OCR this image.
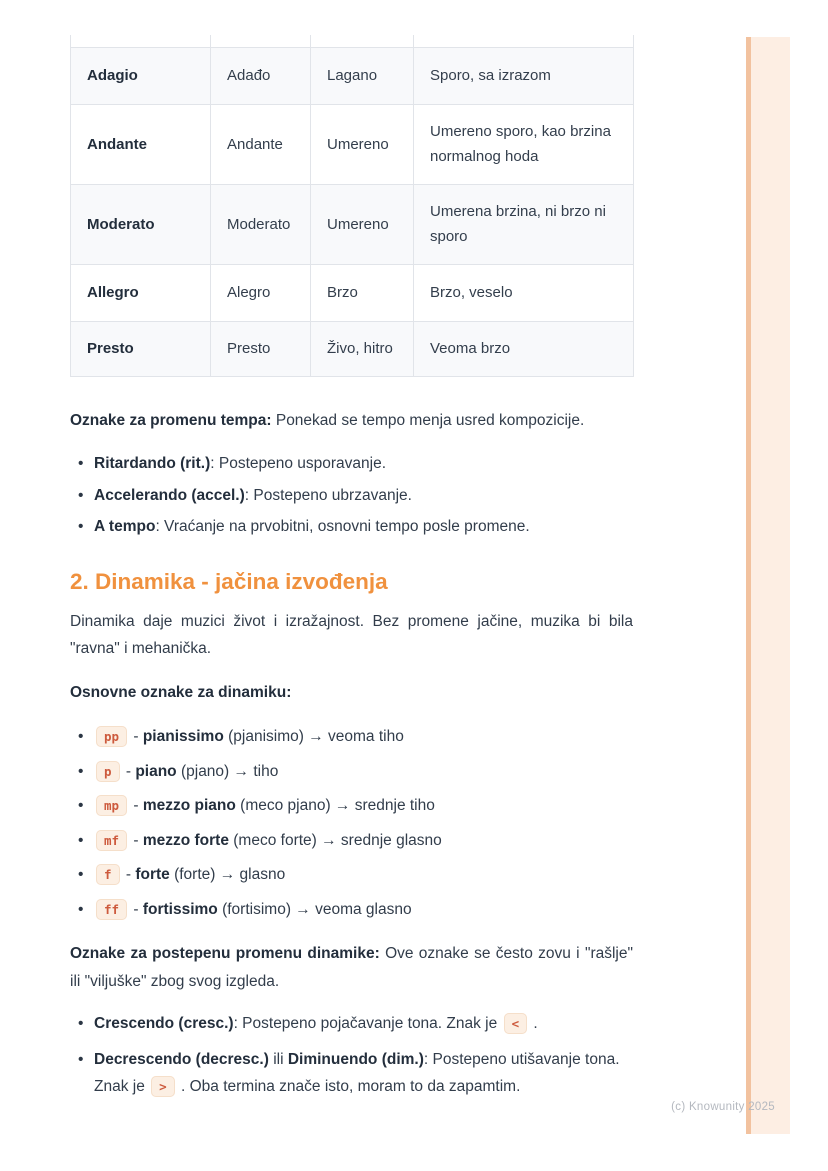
Adagio	Adađo	Lagano	Sporo, sa izrazom
Andante	Andante	Umereno	Umereno sporo, kao brzina normalnog hoda
Moderato	Moderato	Umereno	Umerena brzina, ni brzo ni sporo
Allegro	Alegro	Brzo	Brzo, veselo
Presto	Presto	Živo, hitro	Veoma brzo

Oznake za promenu tempa: Ponekad se tempo menja usred kompozicije.

• Ritardando (rit.): Postepeno usporavanje.
• Accelerando (accel.): Postepeno ubrzavanje.
• A tempo: Vraćanje na prvobitni, osnovni tempo posle promene.
2. Dinamika - jačina izvođenja

Dinamika daje muzici život i izražajnost. Bez promene jačine, muzika bi bila "ravna" i mehanička.

Osnovne oznake za dinamiku:

• pp - pianissimo (pjanisimo) → veoma tiho
• p - piano (pjano) → tiho
• mp - mezzo piano (meco pjano) → srednje tiho
• mf - mezzo forte (meco forte) → srednje glasno
• f - forte (forte) → glasno
• ff - fortissimo (fortisimo) → veoma glasno

Oznake za postepenu promenu dinamike: Ove oznake se često zovu i "rašlje" ili "viljuške" zbog svog izgleda.

• Crescendo (cresc.): Postepeno pojačavanje tona. Znak je < .
• Decrescendo (decresc.) ili Diminuendo (dim.): Postepeno utišavanje tona. Znak je > . Oba termina znače isto, moram to da zapamtim.
(c) Knowunity 2025
